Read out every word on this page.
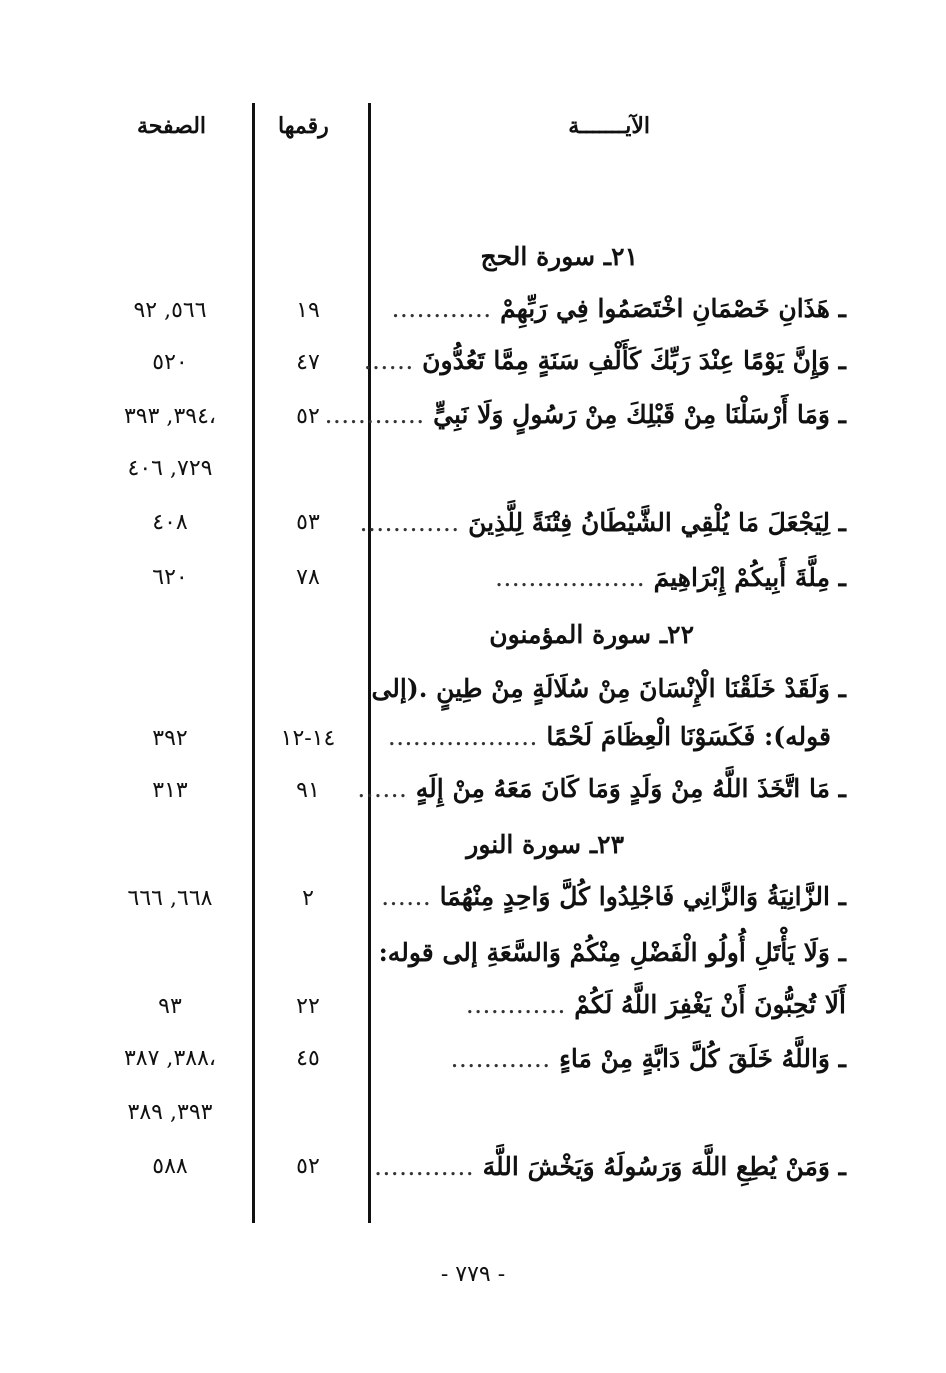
الآيـــــــة
رقمها
الصفحة
٢١ـ سورة الحج
٢٢ـ سورة المؤمنون
٢٣ـ سورة النور
ـ هَذَانِ خَصْمَانِ اخْتَصَمُوا فِي رَبِّهِمْ …………
١٩
٥٦٦, ٩٢
ـ وَإِنَّ يَوْمًا عِنْدَ رَبِّكَ كَأَلْفِ سَنَةٍ مِمَّا تَعُدُّونَ ……
٤٧
٥٢٠
ـ وَمَا أَرْسَلْنَا مِنْ قَبْلِكَ مِنْ رَسُولٍ وَلَا نَبِيٍّ …………
٥٢
،٣٩٤, ٣٩٣
٧٢٩, ٤٠٦
ـ لِيَجْعَلَ مَا يُلْقِي الشَّيْطَانُ فِتْنَةً لِلَّذِينَ …………
٥٣
٤٠٨
ـ مِلَّةَ أَبِيكُمْ إِبْرَاهِيمَ ………………
٧٨
٦٢٠
ـ وَلَقَدْ خَلَقْنَا الْإِنْسَانَ مِنْ سُلَالَةٍ مِنْ طِينٍ .(إلى
قوله): فَكَسَوْنَا الْعِظَامَ لَحْمًا ………………
١٤-١٢
٣٩٢
ـ مَا اتَّخَذَ اللَّهُ مِنْ وَلَدٍ وَمَا كَانَ مَعَهُ مِنْ إِلَهٍ ……
٩١
٣١٣
ـ الزَّانِيَةُ وَالزَّانِي فَاجْلِدُوا كُلَّ وَاحِدٍ مِنْهُمَا ……
٢
٦٦٨, ٦٦٦
ـ وَلَا يَأْتَلِ أُولُو الْفَضْلِ مِنْكُمْ وَالسَّعَةِ إلى قوله:
أَلَا تُحِبُّونَ أَنْ يَغْفِرَ اللَّهُ لَكُمْ …………
٢٢
٩٣
ـ وَاللَّهُ خَلَقَ كُلَّ دَابَّةٍ مِنْ مَاءٍ …………
٤٥
،٣٨٨, ٣٨٧
٣٩٣, ٣٨٩
ـ وَمَنْ يُطِعِ اللَّهَ وَرَسُولَهُ وَيَخْشَ اللَّهَ …………
٥٢
٥٨٨
- ٧٧٩ -
